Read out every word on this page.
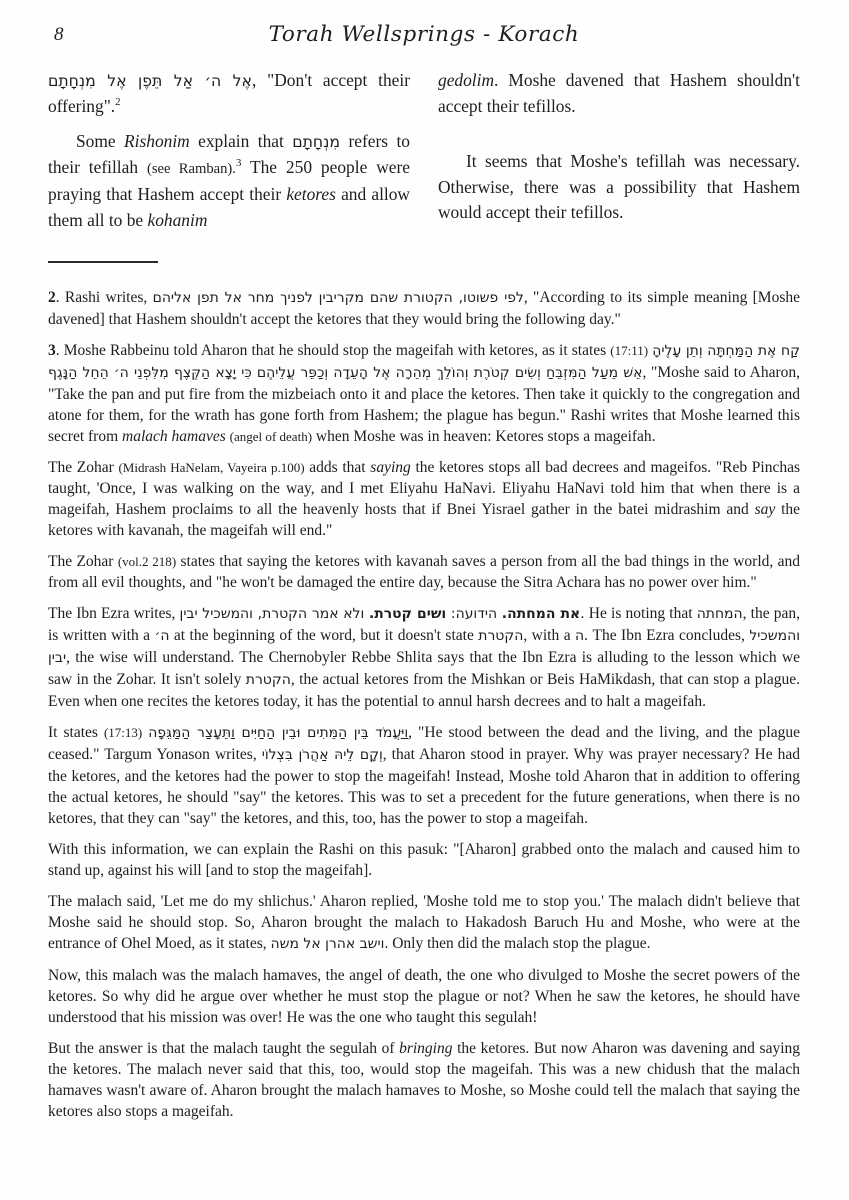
8	Torah Wellsprings - Korach

אֶל ה׳ אַל תֵּפֶן אֶל מִנְחָתָם, "Don't accept their offering".$^2$

Some Rishonim explain that מִנְחָתָם refers to their tefillah (see Ramban).$^3$ The 250 people were praying that Hashem accept their ketores and allow them all to be kohanim

gedolim. Moshe davened that Hashem shouldn't accept their tefillos.

It seems that Moshe's tefillah was necessary. Otherwise, there was a possibility that Hashem would accept their tefillos.

2. Rashi writes, לפי פשוטו, הקטורת שהם מקריבין לפניך מחר אל תפן אליהם, "According to its simple meaning [Moshe davened] that Hashem shouldn't accept the ketores that they would bring the following day."

3. Moshe Rabbeinu told Aharon that he should stop the mageifah with ketores, as it states (17:11) קַח אֶת הַמַּחְתָּה וְתֵן עָלֶיהָ אֵשׁ מֵעַל הַמִּזְבֵּחַ וְשִׂים קְטֹרֶת וְהוֹלֵךְ מְהֵרָה אֶל הָעֵדָה וְכַפֵּר עֲלֵיהֶם כִּי יָצָא הַקֶּצֶף מִלִּפְנֵי ה׳ הֵחֵל הַנָּגֶף, "Moshe said to Aharon, "Take the pan and put fire from the mizbeiach onto it and place the ketores. Then take it quickly to the congregation and atone for them, for the wrath has gone forth from Hashem; the plague has begun." Rashi writes that Moshe learned this secret from malach hamaves (angel of death) when Moshe was in heaven: Ketores stops a mageifah.

The Zohar (Midrash HaNelam, Vayeira p.100) adds that saying the ketores stops all bad decrees and mageifos. "Reb Pinchas taught, 'Once, I was walking on the way, and I met Eliyahu HaNavi. Eliyahu HaNavi told him that when there is a mageifah, Hashem proclaims to all the heavenly hosts that if Bnei Yisrael gather in the batei midrashim and say the ketores with kavanah, the mageifah will end."

The Zohar (vol.2 218) states that saying the ketores with kavanah saves a person from all the bad things in the world, and from all evil thoughts, and "he won't be damaged the entire day, because the Sitra Achara has no power over him."

The Ibn Ezra writes,	את המחתה. הידועה: ושים קטרת. ולא אמר הקטרת, והמשכיל יבין. He is noting that המחתה, the pan, is written with a ה׳ at the beginning of the word, but it doesn't state הקטרת, with a ה. The Ibn Ezra concludes, והמשכיל יבין, the wise will understand. The Chernobyler Rebbe Shlita says that the Ibn Ezra is alluding to the lesson which we saw in the Zohar. It isn't solely הקטרת, the actual ketores from the Mishkan or Beis HaMikdash, that can stop a plague. Even when one recites the ketores today, it has the potential to annul harsh decrees and to halt a mageifah.

It states (17:13) וַיַּעֲמֹד בֵּין הַמֵּתִים וּבֵין הַחַיִּים וַתֵּעָצַר הַמַּגֵּפָה, "He stood between the dead and the living, and the plague ceased." Targum Yonason writes, וְקָם לֵיהּ אַהֲרֹן בִּצְלוֹי, that Aharon stood in prayer. Why was prayer necessary? He had the ketores, and the ketores had the power to stop the mageifah! Instead, Moshe told Aharon that in addition to offering the actual ketores, he should "say" the ketores. This was to set a precedent for the future generations, when there is no ketores, that they can "say" the ketores, and this, too, has the power to stop a mageifah.

With this information, we can explain the Rashi on this pasuk: "[Aharon] grabbed onto the malach and caused him to stand up, against his will [and to stop the mageifah].

The malach said, 'Let me do my shlichus.' Aharon replied, 'Moshe told me to stop you.' The malach didn't believe that Moshe said he should stop. So, Aharon brought the malach to Hakadosh Baruch Hu and Moshe, who were at the entrance of Ohel Moed, as it states, וישב אהרן אל משה. Only then did the malach stop the plague.

Now, this malach was the malach hamaves, the angel of death, the one who divulged to Moshe the secret powers of the ketores. So why did he argue over whether he must stop the plague or not? When he saw the ketores, he should have understood that his mission was over! He was the one who taught this segulah!

But the answer is that the malach taught the segulah of bringing the ketores. But now Aharon was davening and saying the ketores. The malach never said that this, too, would stop the mageifah. This was a new chidush that the malach hamaves wasn't aware of. Aharon brought the malach hamaves to Moshe, so Moshe could tell the malach that saying the ketores also stops a mageifah.
